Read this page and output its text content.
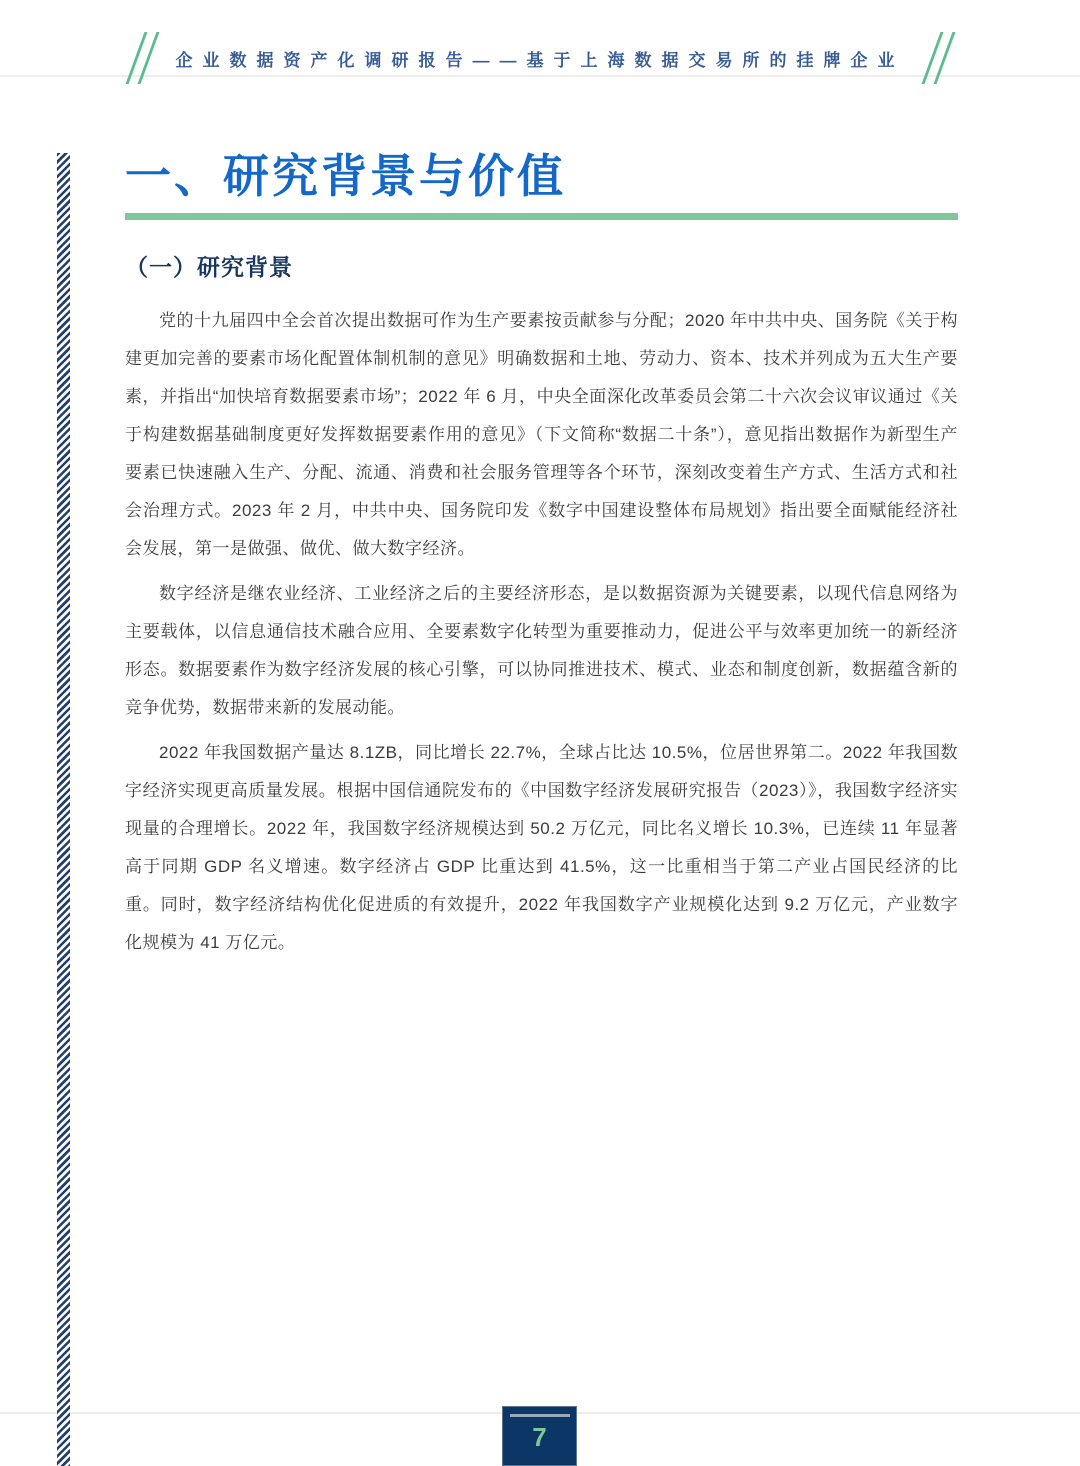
企业数据资产化调研报告——基于上海数据交易所的挂牌企业
一、研究背景与价值
（一）研究背景

党的十九届四中全会首次提出数据可作为生产要素按贡献参与分配；2020 年中共中央、国务院《关于构建更加完善的要素市场化配置体制机制的意见》明确数据和土地、劳动力、资本、技术并列成为五大生产要素，并指出“加快培育数据要素市场”；2022 年 6 月，中央全面深化改革委员会第二十六次会议审议通过《关于构建数据基础制度更好发挥数据要素作用的意见》（下文简称“数据二十条”），意见指出数据作为新型生产要素已快速融入生产、分配、流通、消费和社会服务管理等各个环节，深刻改变着生产方式、生活方式和社会治理方式。2023 年 2 月，中共中央、国务院印发《数字中国建设整体布局规划》指出要全面赋能经济社会发展，第一是做强、做优、做大数字经济。

数字经济是继农业经济、工业经济之后的主要经济形态，是以数据资源为关键要素，以现代信息网络为主要载体，以信息通信技术融合应用、全要素数字化转型为重要推动力，促进公平与效率更加统一的新经济形态。数据要素作为数字经济发展的核心引擎，可以协同推进技术、模式、业态和制度创新，数据蕴含新的竞争优势，数据带来新的发展动能。

2022 年我国数据产量达 8.1ZB，同比增长 22.7%，全球占比达 10.5%，位居世界第二。2022 年我国数字经济实现更高质量发展。根据中国信通院发布的《中国数字经济发展研究报告（2023）》，我国数字经济实现量的合理增长。2022 年，我国数字经济规模达到 50.2 万亿元，同比名义增长 10.3%，已连续 11 年显著高于同期 GDP 名义增速。数字经济占 GDP 比重达到 41.5%，这一比重相当于第二产业占国民经济的比重。同时，数字经济结构优化促进质的有效提升，2022 年我国数字产业规模化达到 9.2 万亿元，产业数字化规模为 41 万亿元。

7
